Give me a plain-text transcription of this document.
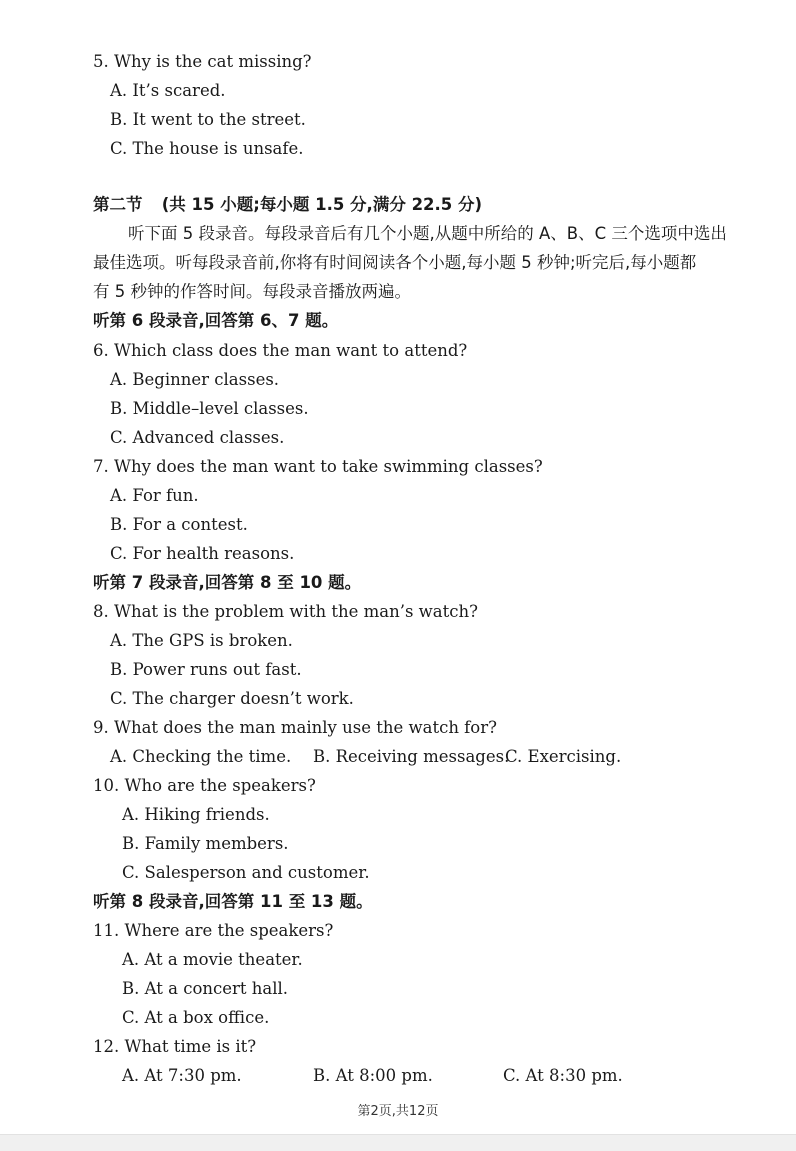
5. Why is the cat missing?
A. It’s scared.
B. It went to the street.
C. The house is unsafe.
第二节 (共 15 小题;每小题 1.5 分,满分 22.5 分)
听下面 5 段录音。每段录音后有几个小题,从题中所给的 A、B、C 三个选项中选出
最佳选项。听每段录音前,你将有时间阅读各个小题,每小题 5 秒钟;听完后,每小题都
有 5 秒钟的作答时间。每段录音播放两遍。
听第 6 段录音,回答第 6、7 题。
6. Which class does the man want to attend?
A. Beginner classes.
B. Middle–level classes.
C. Advanced classes.
7. Why does the man want to take swimming classes?
A. For fun.
B. For a contest.
C. For health reasons.
听第 7 段录音,回答第 8 至 10 题。
8. What is the problem with the man’s watch?
A. The GPS is broken.
B. Power runs out fast.
C. The charger doesn’t work.
9. What does the man mainly use the watch for?
A. Checking the time. B. Receiving messages.
C. Exercising.
10. Who are the speakers?
A. Hiking friends.
B. Family members.
C. Salesperson and customer.
听第 8 段录音,回答第 11 至 13 题。
11. Where are the speakers?
A. At a movie theater.
B. At a concert hall.
C. At a box office.
12. What time is it?
A. At 7:30 pm.	B. At 8:00 pm.	C. At 8:30 pm.
第2页,共12页
